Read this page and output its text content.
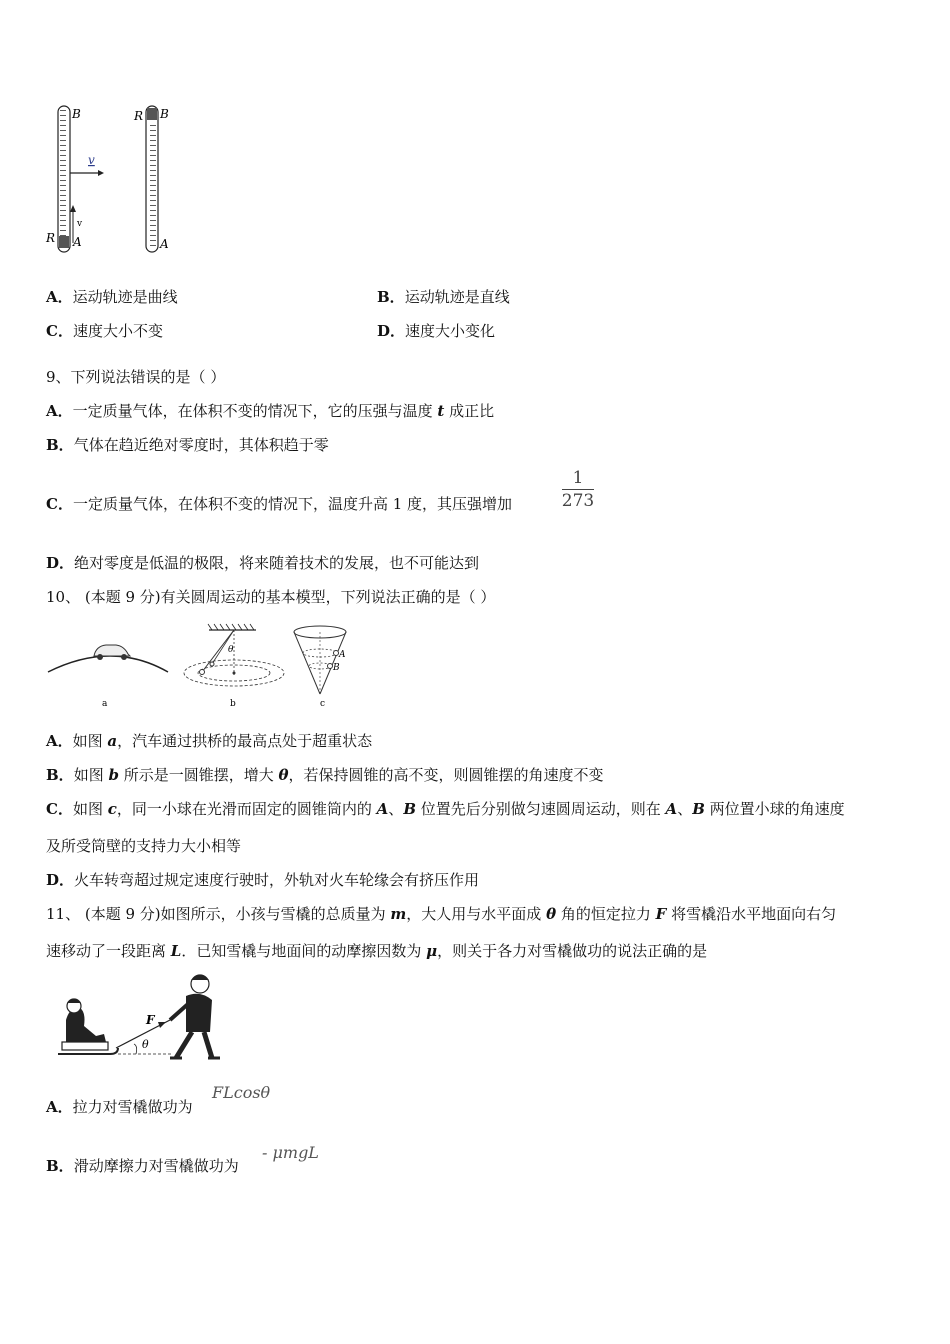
B
v
v
R A
R B
A
A．运动轨迹是曲线	B．运动轨迹是直线
C．速度大小不变	D．速度大小变化
9、下列说法错误的是（ ）
A．一定质量气体，在体积不变的情况下，它的压强与温度 t 成正比
B．气体在趋近绝对零度时，其体积趋于零
C．一定质量气体，在体积不变的情况下，温度升高 1 度，其压强增加
1
273
D．绝对零度是低温的极限，将来随着技术的发展，也不可能达到
10、 (本题 9 分)有关圆周运动的基本模型，下列说法正确的是（ ）
a	b	c
θ	A
B
A．如图 a，汽车通过拱桥的最高点处于超重状态
B．如图 b 所示是一圆锥摆，增大 θ，若保持圆锥的高不变，则圆锥摆的角速度不变
C．如图 c，同一小球在光滑而固定的圆锥筒内的 A、B 位置先后分别做匀速圆周运动，则在 A、B 两位置小球的角速度
及所受筒壁的支持力大小相等
D．火车转弯超过规定速度行驶时，外轨对火车轮缘会有挤压作用
11、 (本题 9 分)如图所示，小孩与雪橇的总质量为 m，大人用与水平面成 θ 角的恒定拉力 F 将雪橇沿水平地面向右匀
速移动了一段距离 L．已知雪橇与地面间的动摩擦因数为 μ，则关于各力对雪橇做功的说法正确的是
F
θ
A．拉力对雪橇做功为
FLcosθ
B．滑动摩擦力对雪橇做功为
- μmgL
